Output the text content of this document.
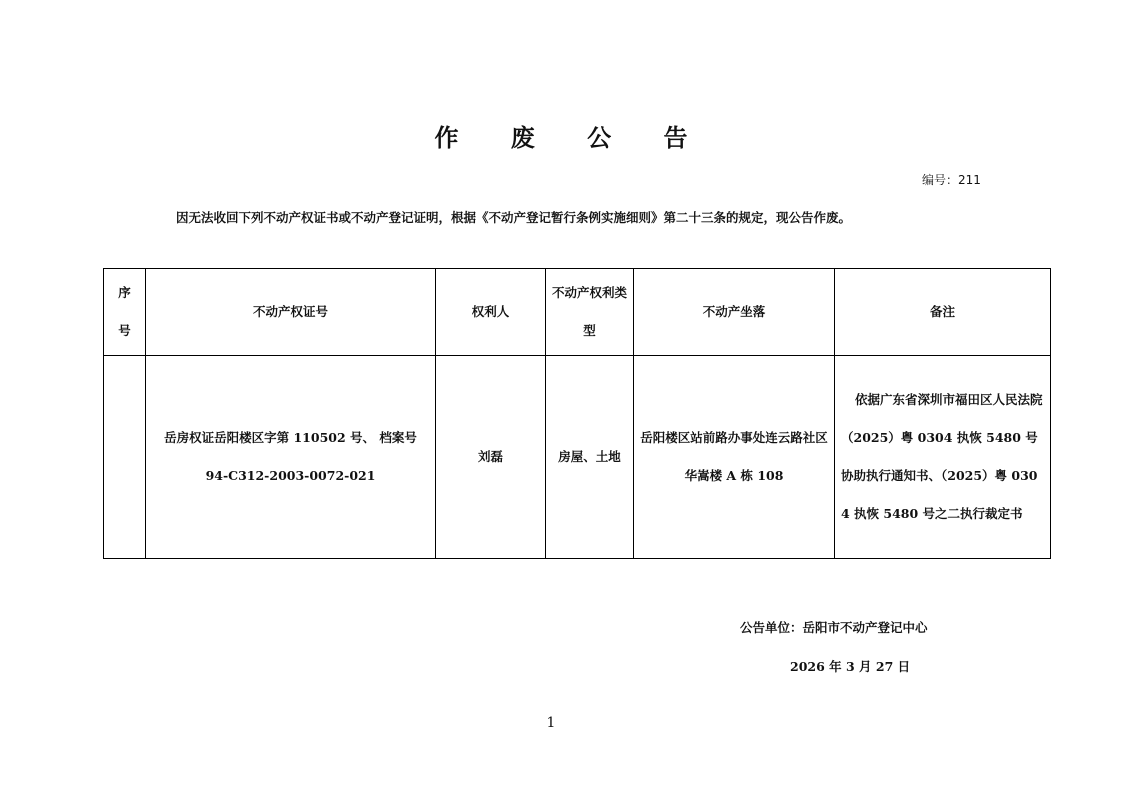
作 废 公 告
编号：211
因无法收回下列不动产权证书或不动产登记证明，根据《不动产登记暂行条例实施细则》第二十三条的规定，现公告作废。
序
号	不动产权证号	权利人	不动产权利类型	不动产坐落	备注
	岳房权证岳阳楼区字第 110502 号、 档案号 94-C312-2003-0072-021	刘磊	房屋、土地	岳阳楼区站前路办事处连云路社区华嵩楼 A 栋 108	依据广东省深圳市福田区人民法院（2025）粤 0304 执恢 5480 号协助执行通知书、（2025）粤 0304 执恢 5480 号之二执行裁定书
公告单位：岳阳市不动产登记中心
2026 年 3 月 27 日
1
